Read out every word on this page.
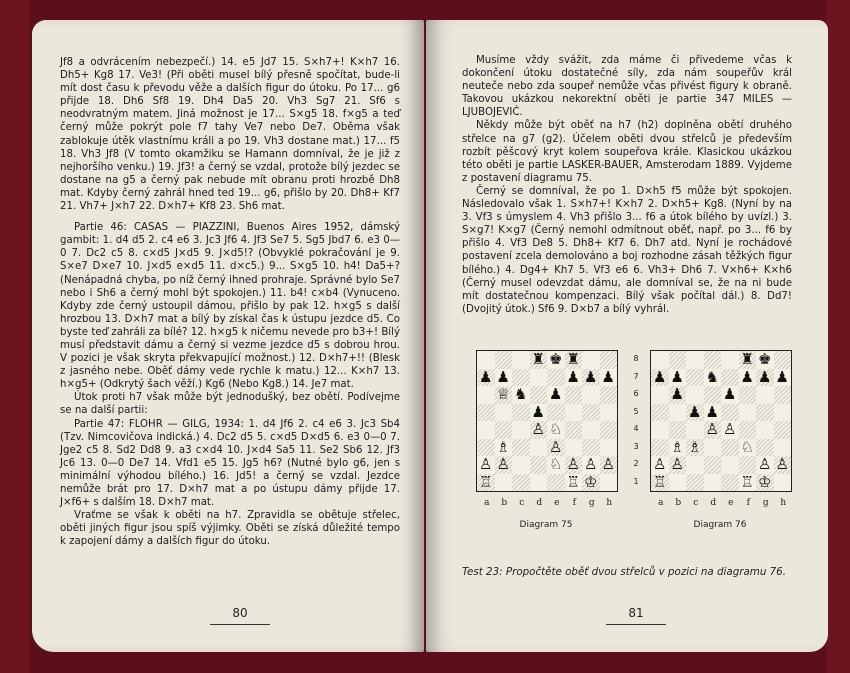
Jf8 a odvrácením nebezpečí.) 14. e5 Jd7 15. S×h7+! K×h7 16. Dh5+ Kg8 17. Ve3! (Při oběti musel bílý přesně spočítat, bude-li mít dost času k převodu věže a dalších figur do útoku. Po 17... g6 přijde 18. Dh6 Sf8 19. Dh4 Da5 20. Vh3 Sg7 21. Sf6 s neodvratným matem. Jiná možnost je 17... S×g5 18. f×g5 a teď černý může pokrýt pole f7 tahy Ve7 nebo De7. Oběma však zablokuje útěk vlastnímu králi a po 19. Vh3 dostane mat.) 17... f5 18. Vh3 Jf8 (V tomto okamžiku se Hamann domníval, že je již z nejhoršího venku.) 19. Jf3! a černý se vzdal, protože bílý jezdec se dostane na g5 a černý pak nebude mít obranu proti hrozbě Dh8 mat. Kdyby černý zahrál hned ted 19... g6, přišlo by 20. Dh8+ Kf7 21. Vh7+ J×h7 22. D×h7+ Kf8 23. Sh6 mat.

Partie 46: CASAS — PIAZZINI, Buenos Aires 1952, dámský gambit: 1. d4 d5 2. c4 e6 3. Jc3 Jf6 4. Jf3 Se7 5. Sg5 Jbd7 6. e3 0—0 7. Dc2 c5 8. c×d5 J×d5 9. J×d5!? (Obvyklé pokračování je 9. S×e7 D×e7 10. J×d5 e×d5 11. d×c5.) 9... S×g5 10. h4! Da5+? (Nenápadná chyba, po níž černý ihned prohraje. Správné bylo Se7 nebo i Sh6 a černý mohl být spokojen.) 11. b4! c×b4 (Vynuceno. Kdyby zde černý ustoupil dámou, přišlo by pak 12. h×g5 s další hrozbou 13. D×h7 mat a bílý by získal čas k ústupu jezdce d5. Co byste teď zahráli za bílé? 12. h×g5 k ničemu nevede pro b3+! Bílý musí představit dámu a černý si vezme jezdce d5 s dobrou hrou. V pozici je však skryta překvapující možnost.) 12. D×h7+!! (Blesk z jasného nebe. Oběť dámy vede rychle k matu.) 12... K×h7 13. h×g5+ (Odkrytý šach věží.) Kg6 (Nebo Kg8.) 14. Je7 mat.

Útok proti h7 však může být jednodušký, bez obětí. Podívejme se na další partii:

Partie 47: FLOHR — GILG, 1934: 1. d4 Jf6 2. c4 e6 3. Jc3 Sb4 (Tzv. Nimcovičova indická.) 4. Dc2 d5 5. c×d5 D×d5 6. e3 0—0 7. Jge2 c5 8. Sd2 Dd8 9. a3 c×d4 10. J×d4 Sa5 11. Se2 Sb6 12. Jf3 Jc6 13. 0—0 De7 14. Vfd1 e5 15. Jg5 h6? (Nutné bylo g6, jen s minimální výhodou bílého.) 16. Jd5! a černý se vzdal. Jezdce nemůže brát pro 17. D×h7 mat a po ústupu dámy přijde 17. J×f6+ s dalším 18. D×h7 mat.

Vraťme se však k oběti na h7. Zpravidla se obětuje střelec, oběti jiných figur jsou spíš výjimky. Oběti se získá důležité tempo k zapojení dámy a dalších figur do útoku.

80

Musíme vždy svážit, zda máme či přivedeme včas k dokončení útoku dostatečné síly, zda nám soupeřův král neuteče nebo zda soupeř nemůže včas přivést figury k obraně. Takovou ukázkou nekorektní oběti je partie 347 MILES — LJUBOJEVIĆ.

Někdy může být oběť na h7 (h2) doplněna obětí druhého střelce na g7 (g2). Účelem oběti dvou střelců je především rozbít pěšcový kryt kolem soupeřova krále. Klasickou ukázkou této oběti je partie LASKER-BAUER, Amsterodam 1889. Vyjdeme z postavení diagramu 75.

Černý se domníval, že po 1. D×h5 f5 může být spokojen. Následovalo však 1. S×h7+! K×h7 2. D×h5+ Kg8. (Nyní by na 3. Vf3 s úmyslem 4. Vh3 přišlo 3... f6 a útok bílého by uvízl.) 3. S×g7! K×g7 (Černý nemohl odmítnout oběť, např. po 3... f6 by přišlo 4. Vf3 De8 5. Dh8+ Kf7 6. Dh7 atd. Nyní je rochádové postavení zcela demolováno a boj rozhodne zásah těžkých figur bílého.) 4. Dg4+ Kh7 5. Vf3 e6 6. Vh3+ Dh6 7. V×h6+ K×h6 (Černý musel odevzdat dámu, ale domníval se, že na ni bude mít dostatečnou kompenzaci. Bílý však počítal dál.) 8. Dd7! (Dvojitý útok.) Sf6 9. D×b7 a bílý vyhrál.

♜ ♚ ♜
♟ ♟	♟ ♟ ♟
♕ ♞ ♟
♟
♙ ♘
♗	♙
♙ ♙	♘ ♙ ♙ ♙
♖	♖ ♔
♜ ♚
♟ ♟ ♞ ♟ ♟ ♟
♟	♟
♟ ♟
♙ ♙
♗ ♗	♘
♙ ♙	♙ ♙
♖	♖ ♔
8
7
6
5
4
3
2
1
a	b	c	d	e	f	g	h	a	b	c	d	e	f	g	h
Diagram 75	Diagram 76
Test 23: Propočtěte oběť dvou střelců v pozici na diagramu 76.
81
